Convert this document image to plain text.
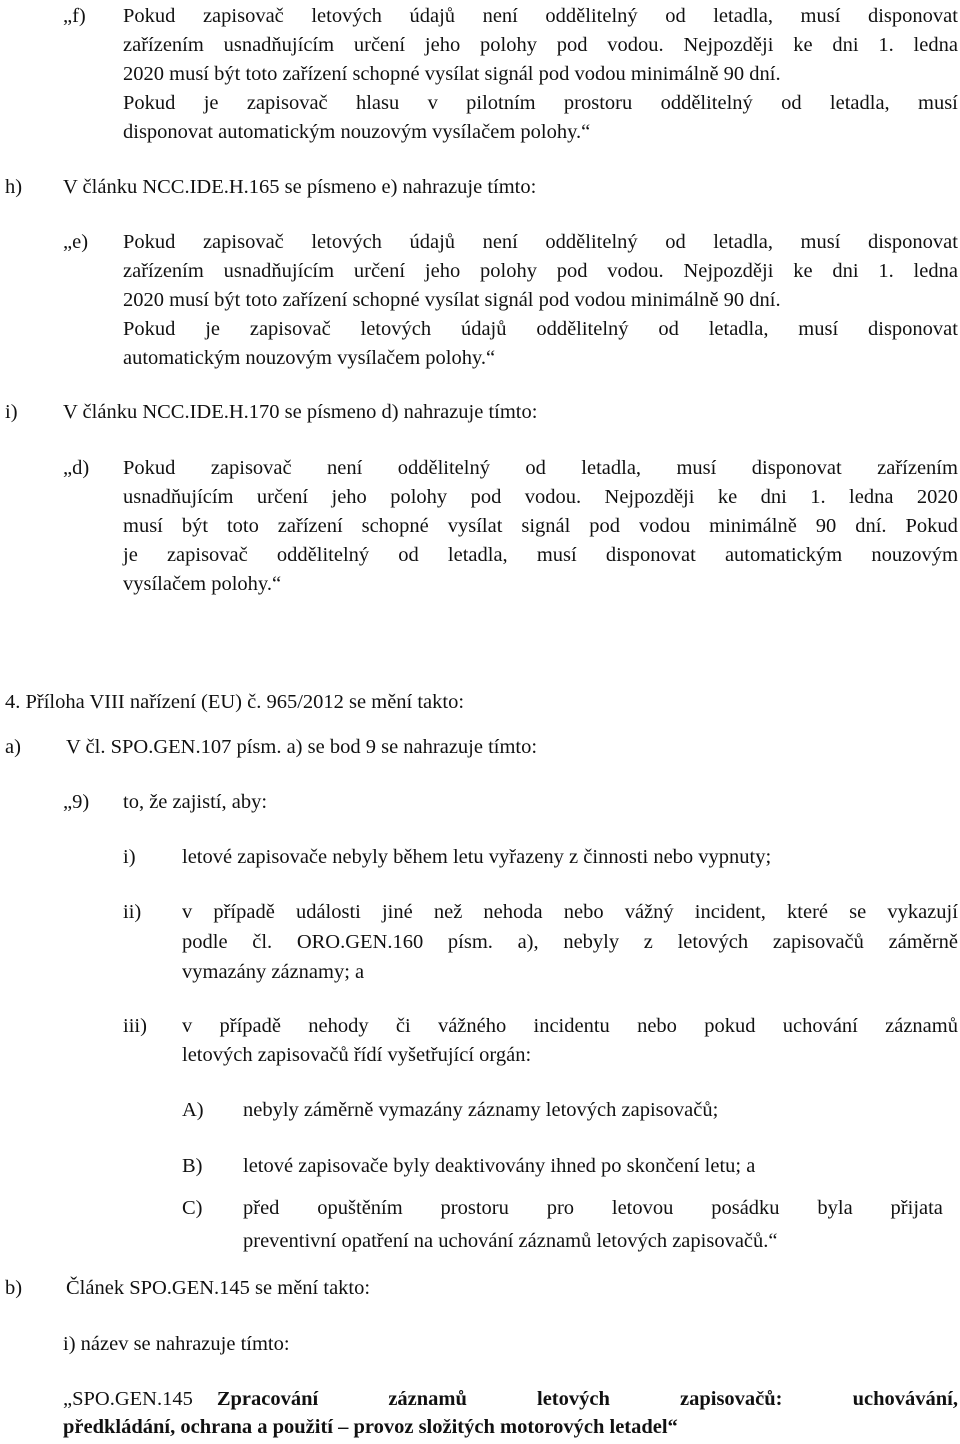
„f) Pokud zapisovač letových údajů není oddělitelný od letadla, musí disponovat
zařízením usnadňujícím určení jeho polohy pod vodou. Nejpozději ke dni 1. ledna
2020 musí být toto zařízení schopné vysílat signál pod vodou minimálně 90 dní.
Pokud je zapisovač hlasu v pilotním prostoru oddělitelný od letadla, musí
disponovat automatickým nouzovým vysílačem polohy.“
h) V článku NCC.IDE.H.165 se písmeno e) nahrazuje tímto:
„e) Pokud zapisovač letových údajů není oddělitelný od letadla, musí disponovat
zařízením usnadňujícím určení jeho polohy pod vodou. Nejpozději ke dni 1. ledna
2020 musí být toto zařízení schopné vysílat signál pod vodou minimálně 90 dní.
Pokud je zapisovač letových údajů oddělitelný od letadla, musí disponovat
automatickým nouzovým vysílačem polohy.“
i) V článku NCC.IDE.H.170 se písmeno d) nahrazuje tímto:
„d) Pokud zapisovač není oddělitelný od letadla, musí disponovat zařízením
usnadňujícím určení jeho polohy pod vodou. Nejpozději ke dni 1. ledna 2020
musí být toto zařízení schopné vysílat signál pod vodou minimálně 90 dní. Pokud
je zapisovač oddělitelný od letadla, musí disponovat automatickým nouzovým
vysílačem polohy.“
4. Příloha VIII nařízení (EU) č. 965/2012 se mění takto:
a) V čl. SPO.GEN.107 písm. a) se bod 9 se nahrazuje tímto:
„9) to, že zajistí, aby:
i) letové zapisovače nebyly během letu vyřazeny z činnosti nebo vypnuty;
ii) v případě události jiné než nehoda nebo vážný incident, které se vykazují
podle čl. ORO.GEN.160 písm. a), nebyly z letových zapisovačů záměrně
vymazány záznamy; a
iii) v případě nehody či vážného incidentu nebo pokud uchování záznamů
letových zapisovačů řídí vyšetřující orgán:
A) nebyly záměrně vymazány záznamy letových zapisovačů;
B) letové zapisovače byly deaktivovány ihned po skončení letu; a
C) před opuštěním prostoru pro letovou posádku byla přijata
preventivní opatření na uchování záznamů letových zapisovačů.“
b) Článek SPO.GEN.145 se mění takto:
i) název se nahrazuje tímto:
„SPO.GEN.145 Zpracování	záznamů	letových	zapisovačů:	uchovávání,
předkládání, ochrana a použití – provoz složitých motorových letadel“
